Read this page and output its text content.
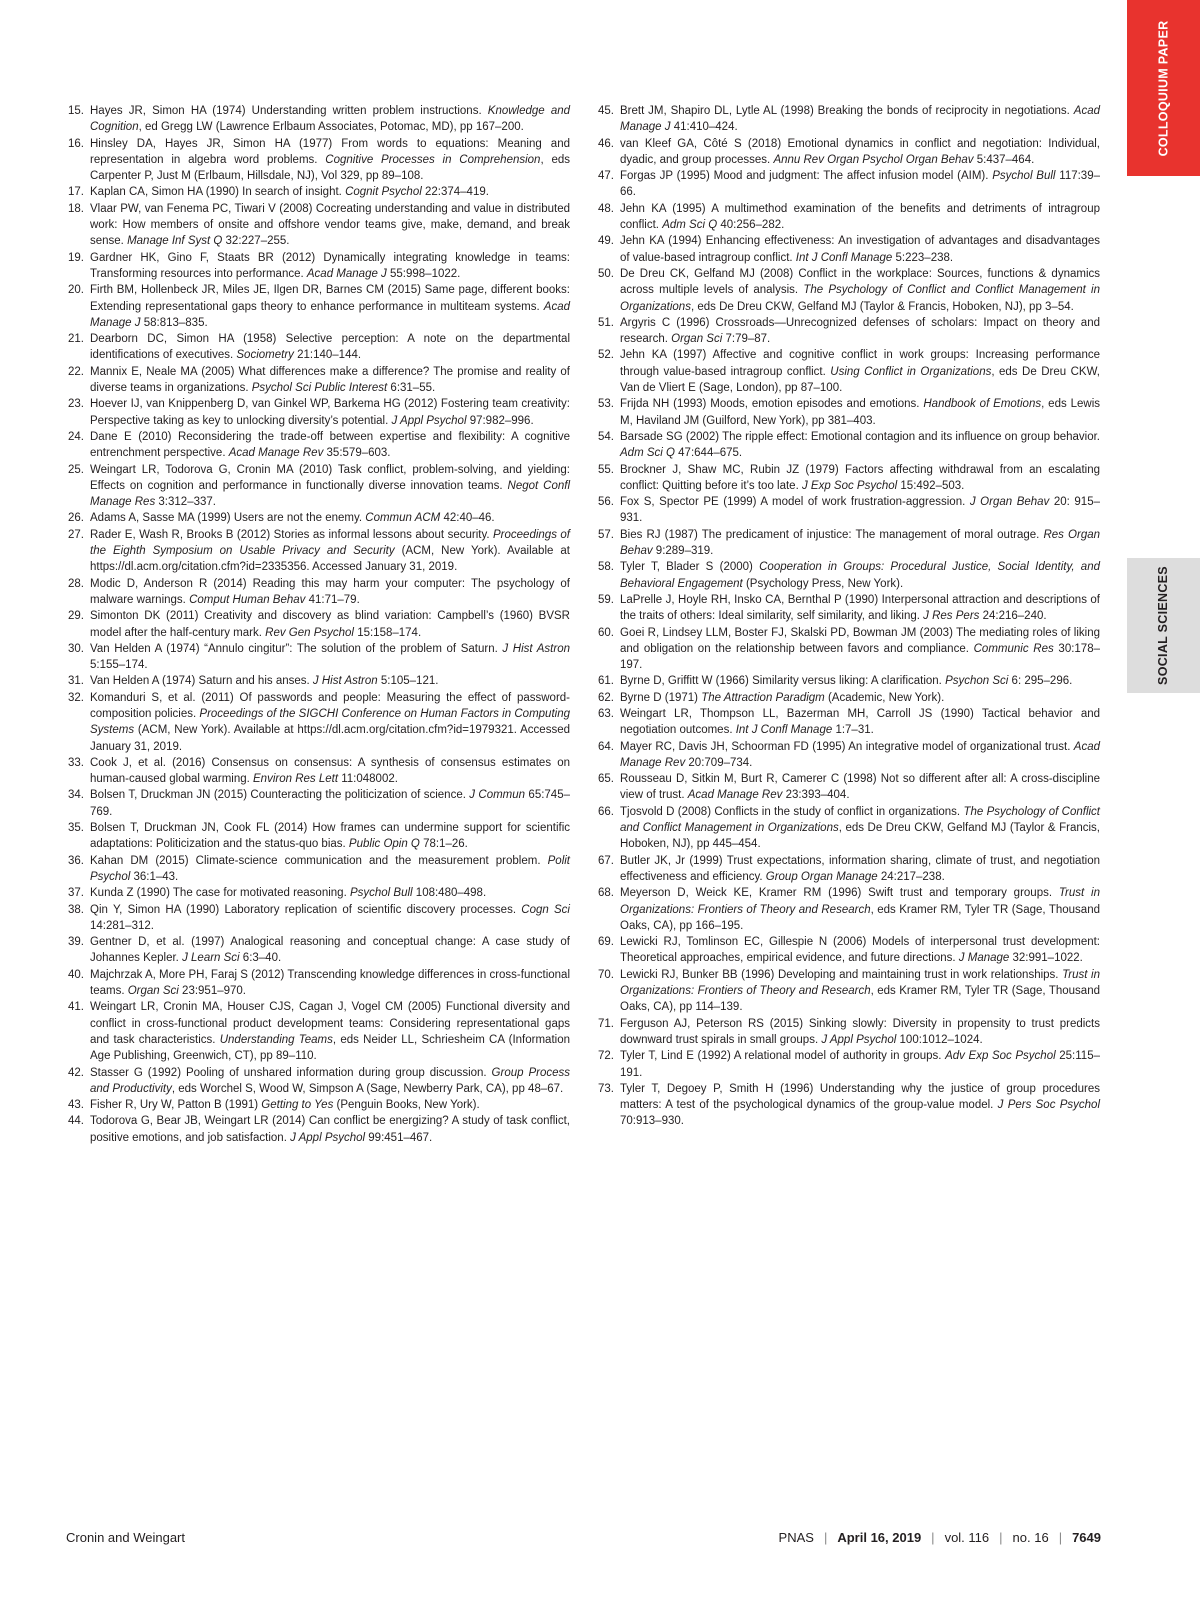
COLLOQUIUM PAPER
SOCIAL SCIENCES
15. Hayes JR, Simon HA (1974) Understanding written problem instructions. Knowledge and Cognition, ed Gregg LW (Lawrence Erlbaum Associates, Potomac, MD), pp 167–200.
16. Hinsley DA, Hayes JR, Simon HA (1977) From words to equations: Meaning and representation in algebra word problems. Cognitive Processes in Comprehension, eds Carpenter P, Just M (Erlbaum, Hillsdale, NJ), Vol 329, pp 89–108.
17. Kaplan CA, Simon HA (1990) In search of insight. Cognit Psychol 22:374–419.
18. Vlaar PW, van Fenema PC, Tiwari V (2008) Cocreating understanding and value in distributed work: How members of onsite and offshore vendor teams give, make, demand, and break sense. Manage Inf Syst Q 32:227–255.
19. Gardner HK, Gino F, Staats BR (2012) Dynamically integrating knowledge in teams: Transforming resources into performance. Acad Manage J 55:998–1022.
20. Firth BM, Hollenbeck JR, Miles JE, Ilgen DR, Barnes CM (2015) Same page, different books: Extending representational gaps theory to enhance performance in multiteam systems. Acad Manage J 58:813–835.
21. Dearborn DC, Simon HA (1958) Selective perception: A note on the departmental identifications of executives. Sociometry 21:140–144.
22. Mannix E, Neale MA (2005) What differences make a difference? The promise and reality of diverse teams in organizations. Psychol Sci Public Interest 6:31–55.
23. Hoever IJ, van Knippenberg D, van Ginkel WP, Barkema HG (2012) Fostering team creativity: Perspective taking as key to unlocking diversity’s potential. J Appl Psychol 97:982–996.
24. Dane E (2010) Reconsidering the trade-off between expertise and flexibility: A cognitive entrenchment perspective. Acad Manage Rev 35:579–603.
25. Weingart LR, Todorova G, Cronin MA (2010) Task conflict, problem-solving, and yielding: Effects on cognition and performance in functionally diverse innovation teams. Negot Confl Manage Res 3:312–337.
26. Adams A, Sasse MA (1999) Users are not the enemy. Commun ACM 42:40–46.
27. Rader E, Wash R, Brooks B (2012) Stories as informal lessons about security. Proceedings of the Eighth Symposium on Usable Privacy and Security (ACM, New York). Available at https://dl.acm.org/citation.cfm?id=2335356. Accessed January 31, 2019.
28. Modic D, Anderson R (2014) Reading this may harm your computer: The psychology of malware warnings. Comput Human Behav 41:71–79.
29. Simonton DK (2011) Creativity and discovery as blind variation: Campbell’s (1960) BVSR model after the half-century mark. Rev Gen Psychol 15:158–174.
30. Van Helden A (1974) “Annulo cingitur”: The solution of the problem of Saturn. J Hist Astron 5:155–174.
31. Van Helden A (1974) Saturn and his anses. J Hist Astron 5:105–121.
32. Komanduri S, et al. (2011) Of passwords and people: Measuring the effect of password-composition policies. Proceedings of the SIGCHI Conference on Human Factors in Computing Systems (ACM, New York). Available at https://dl.acm.org/citation.cfm?id=1979321. Accessed January 31, 2019.
33. Cook J, et al. (2016) Consensus on consensus: A synthesis of consensus estimates on human-caused global warming. Environ Res Lett 11:048002.
34. Bolsen T, Druckman JN (2015) Counteracting the politicization of science. J Commun 65:745–769.
35. Bolsen T, Druckman JN, Cook FL (2014) How frames can undermine support for scientific adaptations: Politicization and the status-quo bias. Public Opin Q 78:1–26.
36. Kahan DM (2015) Climate-science communication and the measurement problem. Polit Psychol 36:1–43.
37. Kunda Z (1990) The case for motivated reasoning. Psychol Bull 108:480–498.
38. Qin Y, Simon HA (1990) Laboratory replication of scientific discovery processes. Cogn Sci 14:281–312.
39. Gentner D, et al. (1997) Analogical reasoning and conceptual change: A case study of Johannes Kepler. J Learn Sci 6:3–40.
40. Majchrzak A, More PH, Faraj S (2012) Transcending knowledge differences in cross-functional teams. Organ Sci 23:951–970.
41. Weingart LR, Cronin MA, Houser CJS, Cagan J, Vogel CM (2005) Functional diversity and conflict in cross-functional product development teams: Considering representational gaps and task characteristics. Understanding Teams, eds Neider LL, Schriesheim CA (Information Age Publishing, Greenwich, CT), pp 89–110.
42. Stasser G (1992) Pooling of unshared information during group discussion. Group Process and Productivity, eds Worchel S, Wood W, Simpson A (Sage, Newberry Park, CA), pp 48–67.
43. Fisher R, Ury W, Patton B (1991) Getting to Yes (Penguin Books, New York).
44. Todorova G, Bear JB, Weingart LR (2014) Can conflict be energizing? A study of task conflict, positive emotions, and job satisfaction. J Appl Psychol 99:451–467.
45. Brett JM, Shapiro DL, Lytle AL (1998) Breaking the bonds of reciprocity in negotiations. Acad Manage J 41:410–424.
46. van Kleef GA, Côté S (2018) Emotional dynamics in conflict and negotiation: Individual, dyadic, and group processes. Annu Rev Organ Psychol Organ Behav 5:437–464.
47. Forgas JP (1995) Mood and judgment: The affect infusion model (AIM). Psychol Bull 117:39–66.
48. Jehn KA (1995) A multimethod examination of the benefits and detriments of intragroup conflict. Adm Sci Q 40:256–282.
49. Jehn KA (1994) Enhancing effectiveness: An investigation of advantages and disadvantages of value-based intragroup conflict. Int J Confl Manage 5:223–238.
50. De Dreu CK, Gelfand MJ (2008) Conflict in the workplace: Sources, functions & dynamics across multiple levels of analysis. The Psychology of Conflict and Conflict Management in Organizations, eds De Dreu CKW, Gelfand MJ (Taylor & Francis, Hoboken, NJ), pp 3–54.
51. Argyris C (1996) Crossroads—Unrecognized defenses of scholars: Impact on theory and research. Organ Sci 7:79–87.
52. Jehn KA (1997) Affective and cognitive conflict in work groups: Increasing performance through value-based intragroup conflict. Using Conflict in Organizations, eds De Dreu CKW, Van de Vliert E (Sage, London), pp 87–100.
53. Frijda NH (1993) Moods, emotion episodes and emotions. Handbook of Emotions, eds Lewis M, Haviland JM (Guilford, New York), pp 381–403.
54. Barsade SG (2002) The ripple effect: Emotional contagion and its influence on group behavior. Adm Sci Q 47:644–675.
55. Brockner J, Shaw MC, Rubin JZ (1979) Factors affecting withdrawal from an escalating conflict: Quitting before it’s too late. J Exp Soc Psychol 15:492–503.
56. Fox S, Spector PE (1999) A model of work frustration-aggression. J Organ Behav 20: 915–931.
57. Bies RJ (1987) The predicament of injustice: The management of moral outrage. Res Organ Behav 9:289–319.
58. Tyler T, Blader S (2000) Cooperation in Groups: Procedural Justice, Social Identity, and Behavioral Engagement (Psychology Press, New York).
59. LaPrelle J, Hoyle RH, Insko CA, Bernthal P (1990) Interpersonal attraction and descriptions of the traits of others: Ideal similarity, self similarity, and liking. J Res Pers 24:216–240.
60. Goei R, Lindsey LLM, Boster FJ, Skalski PD, Bowman JM (2003) The mediating roles of liking and obligation on the relationship between favors and compliance. Communic Res 30:178–197.
61. Byrne D, Griffitt W (1966) Similarity versus liking: A clarification. Psychon Sci 6: 295–296.
62. Byrne D (1971) The Attraction Paradigm (Academic, New York).
63. Weingart LR, Thompson LL, Bazerman MH, Carroll JS (1990) Tactical behavior and negotiation outcomes. Int J Confl Manage 1:7–31.
64. Mayer RC, Davis JH, Schoorman FD (1995) An integrative model of organizational trust. Acad Manage Rev 20:709–734.
65. Rousseau D, Sitkin M, Burt R, Camerer C (1998) Not so different after all: A cross-discipline view of trust. Acad Manage Rev 23:393–404.
66. Tjosvold D (2008) Conflicts in the study of conflict in organizations. The Psychology of Conflict and Conflict Management in Organizations, eds De Dreu CKW, Gelfand MJ (Taylor & Francis, Hoboken, NJ), pp 445–454.
67. Butler JK, Jr (1999) Trust expectations, information sharing, climate of trust, and negotiation effectiveness and efficiency. Group Organ Manage 24:217–238.
68. Meyerson D, Weick KE, Kramer RM (1996) Swift trust and temporary groups. Trust in Organizations: Frontiers of Theory and Research, eds Kramer RM, Tyler TR (Sage, Thousand Oaks, CA), pp 166–195.
69. Lewicki RJ, Tomlinson EC, Gillespie N (2006) Models of interpersonal trust development: Theoretical approaches, empirical evidence, and future directions. J Manage 32:991–1022.
70. Lewicki RJ, Bunker BB (1996) Developing and maintaining trust in work relationships. Trust in Organizations: Frontiers of Theory and Research, eds Kramer RM, Tyler TR (Sage, Thousand Oaks, CA), pp 114–139.
71. Ferguson AJ, Peterson RS (2015) Sinking slowly: Diversity in propensity to trust predicts downward trust spirals in small groups. J Appl Psychol 100:1012–1024.
72. Tyler T, Lind E (1992) A relational model of authority in groups. Adv Exp Soc Psychol 25:115–191.
73. Tyler T, Degoey P, Smith H (1996) Understanding why the justice of group procedures matters: A test of the psychological dynamics of the group-value model. J Pers Soc Psychol 70:913–930.
Cronin and Weingart	PNAS | April 16, 2019 | vol. 116 | no. 16 | 7649
